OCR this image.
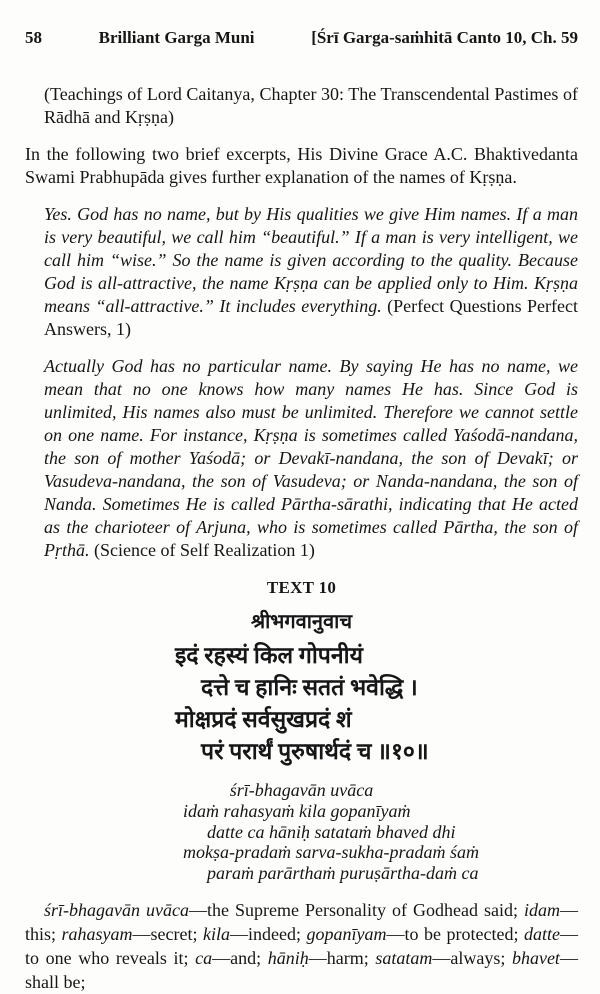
58	Brilliant Garga Muni	[Śrī Garga-saṁhitā Canto 10, Ch. 59

(Teachings of Lord Caitanya, Chapter 30: The Transcendental Pastimes of Rādhā and Kṛṣṇa)

In the following two brief excerpts, His Divine Grace A.C. Bhaktivedanta Swami Prabhupāda gives further explanation of the names of Kṛṣṇa.

Yes. God has no name, but by His qualities we give Him names. If a man is very beautiful, we call him “beautiful.” If a man is very intelligent, we call him “wise.” So the name is given according to the quality. Because God is all-attractive, the name Kṛṣṇa can be applied only to Him. Kṛṣṇa means “all-attractive.” It includes everything. (Perfect Questions Perfect Answers, 1)

Actually God has no particular name. By saying He has no name, we mean that no one knows how many names He has. Since God is unlimited, His names also must be unlimited. Therefore we cannot settle on one name. For instance, Kṛṣṇa is sometimes called Yaśodā-nandana, the son of mother Yaśodā; or Devakī-nandana, the son of Devakī; or Vasudeva-nandana, the son of Vasudeva; or Nanda-nandana, the son of Nanda. Sometimes He is called Pārtha-sārathi, indicating that He acted as the charioteer of Arjuna, who is sometimes called Pārtha, the son of Pṛthā. (Science of Self Realization 1)

TEXT 10
श्रीभगवानुवाच
इदं रहस्यं किल गोपनीयं
दत्ते च हानिः सततं भवेद्धि ।
मोक्षप्रदं सर्वसुखप्रदं शं
परं परार्थं पुरुषार्थदं च ॥१०॥
śrī-bhagavān uvāca
idaṁ rahasyaṁ kila gopanīyaṁ
datte ca hāniḥ satataṁ bhaved dhi
mokṣa-pradaṁ sarva-sukha-pradaṁ śaṁ
paraṁ parārthaṁ puruṣārtha-daṁ ca

śrī-bhagavān uvāca—the Supreme Personality of Godhead said; idam—this; rahasyam—secret; kila—indeed; gopanīyam—to be protected; datte—to one who reveals it; ca—and; hāniḥ—harm; satatam—always; bhavet—shall be;
